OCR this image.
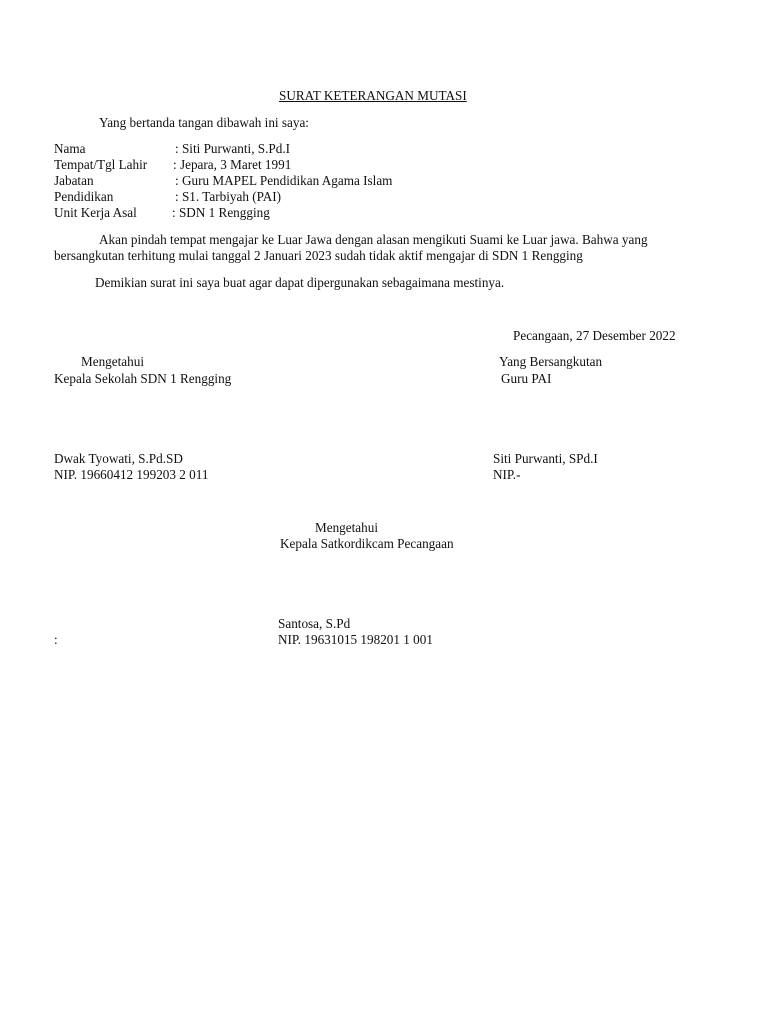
SURAT KETERANGAN MUTASI
Yang bertanda tangan dibawah ini saya:
Nama	: Siti Purwanti, S.Pd.I
Tempat/Tgl Lahir : Jepara, 3 Maret 1991
Jabatan	: Guru MAPEL Pendidikan Agama Islam
Pendidikan	: S1. Tarbiyah (PAI)
Unit Kerja Asal	: SDN 1 Rengging
Akan pindah tempat mengajar ke Luar Jawa dengan alasan mengikuti Suami ke Luar jawa. Bahwa yang
bersangkutan terhitung mulai tanggal 2 Januari 2023 sudah tidak aktif mengajar di SDN 1 Rengging
Demikian surat ini saya buat agar dapat dipergunakan sebagaimana mestinya.
Pecangaan, 27 Desember 2022
Mengetahui
Kepala Sekolah SDN 1 Rengging
Dwak Tyowati, S.Pd.SD
NIP. 19660412 199203 2 011
Yang Bersangkutan
Guru PAI
Siti Purwanti, SPd.I
NIP.-
Mengetahui
Kepala Satkordikcam Pecangaan
Santosa, S.Pd
NIP. 19631015 198201 1 001
:
